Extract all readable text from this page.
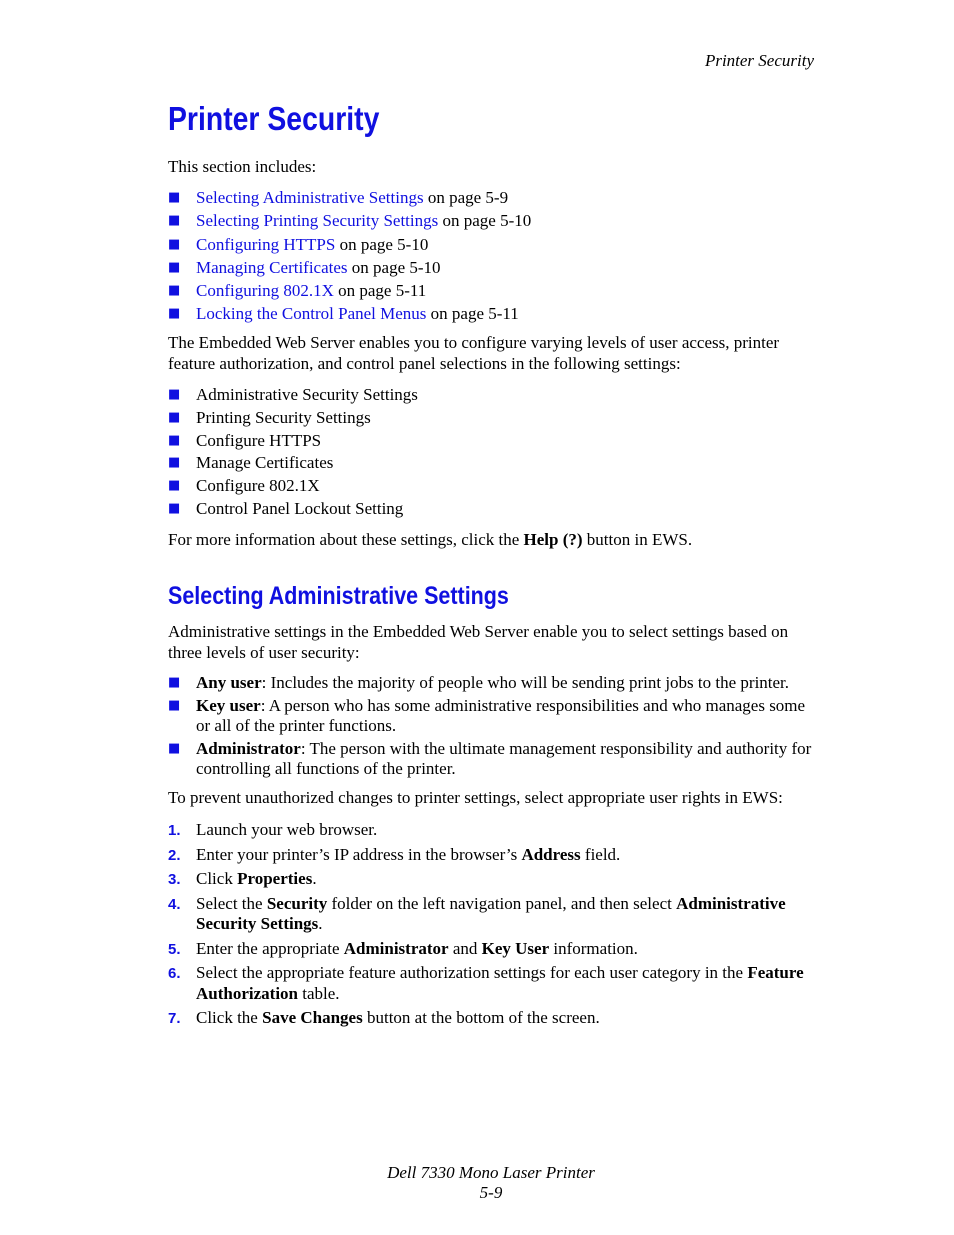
Printer Security
Printer Security

This section includes:

■ Selecting Administrative Settings on page 5-9
■ Selecting Printing Security Settings on page 5-10
■ Configuring HTTPS on page 5-10
■ Managing Certificates on page 5-10
■ Configuring 802.1X on page 5-11
■ Locking the Control Panel Menus on page 5-11

The Embedded Web Server enables you to configure varying levels of user access, printer feature authorization, and control panel selections in the following settings:

■ Administrative Security Settings
■ Printing Security Settings
■ Configure HTTPS
■ Manage Certificates
■ Configure 802.1X
■ Control Panel Lockout Setting

For more information about these settings, click the Help (?) button in EWS.

Selecting Administrative Settings

Administrative settings in the Embedded Web Server enable you to select settings based on three levels of user security:

■ Any user: Includes the majority of people who will be sending print jobs to the printer.
■ Key user: A person who has some administrative responsibilities and who manages some or all of the printer functions.
■ Administrator: The person with the ultimate management responsibility and authority for controlling all functions of the printer.

To prevent unauthorized changes to printer settings, select appropriate user rights in EWS:

1. Launch your web browser.
2. Enter your printer’s IP address in the browser’s Address field.
3. Click Properties.
4. Select the Security folder on the left navigation panel, and then select Administrative Security Settings.
5. Enter the appropriate Administrator and Key User information.
6. Select the appropriate feature authorization settings for each user category in the Feature Authorization table.
7. Click the Save Changes button at the bottom of the screen.
Dell 7330 Mono Laser Printer
5-9
